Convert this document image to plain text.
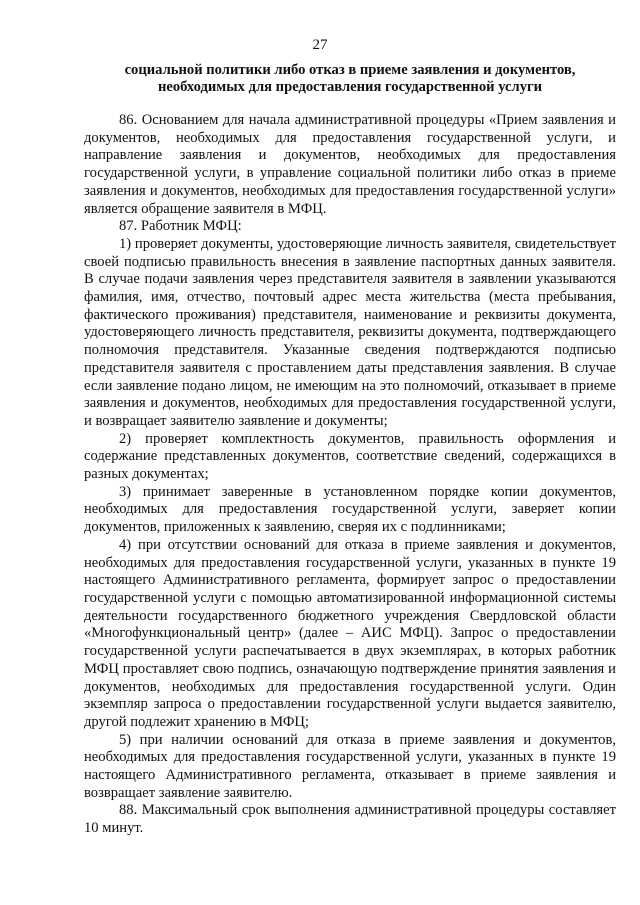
27
социальной политики либо отказ в приеме заявления и документов,
необходимых для предоставления государственной услуги

86. Основанием для начала административной процедуры «Прием заявления и документов, необходимых для предоставления государственной услуги, и направление заявления и документов, необходимых для предоставления государственной услуги, в управление социальной политики либо отказ в приеме заявления и документов, необходимых для предоставления государственной услуги» является обращение заявителя в МФЦ.

87. Работник МФЦ:

1) проверяет документы, удостоверяющие личность заявителя, свидетельствует своей подписью правильность внесения в заявление паспортных данных заявителя. В случае подачи заявления через представителя заявителя в заявлении указываются фамилия, имя, отчество, почтовый адрес места жительства (места пребывания, фактического проживания) представителя, наименование и реквизиты документа, удостоверяющего личность представителя, реквизиты документа, подтверждающего полномочия представителя. Указанные сведения подтверждаются подписью представителя заявителя с проставлением даты представления заявления. В случае если заявление подано лицом, не имеющим на это полномочий, отказывает в приеме заявления и документов, необходимых для предоставления государственной услуги, и возвращает заявителю заявление и документы;

2) проверяет комплектность документов, правильность оформления и содержание представленных документов, соответствие сведений, содержащихся в разных документах;

3) принимает заверенные в установленном порядке копии документов, необходимых для предоставления государственной услуги, заверяет копии документов, приложенных к заявлению, сверяя их с подлинниками;

4) при отсутствии оснований для отказа в приеме заявления и документов, необходимых для предоставления государственной услуги, указанных в пункте 19 настоящего Административного регламента, формирует запрос о предоставлении государственной услуги с помощью автоматизированной информационной системы деятельности государственного бюджетного учреждения Свердловской области «Многофункциональный центр» (далее – АИС МФЦ). Запрос о предоставлении государственной услуги распечатывается в двух экземплярах, в которых работник МФЦ проставляет свою подпись, означающую подтверждение принятия заявления и документов, необходимых для предоставления государственной услуги. Один экземпляр запроса о предоставлении государственной услуги выдается заявителю, другой подлежит хранению в МФЦ;

5) при наличии оснований для отказа в приеме заявления и документов, необходимых для предоставления государственной услуги, указанных в пункте 19 настоящего Административного регламента, отказывает в приеме заявления и возвращает заявление заявителю.

88. Максимальный срок выполнения административной процедуры составляет 10 минут.
